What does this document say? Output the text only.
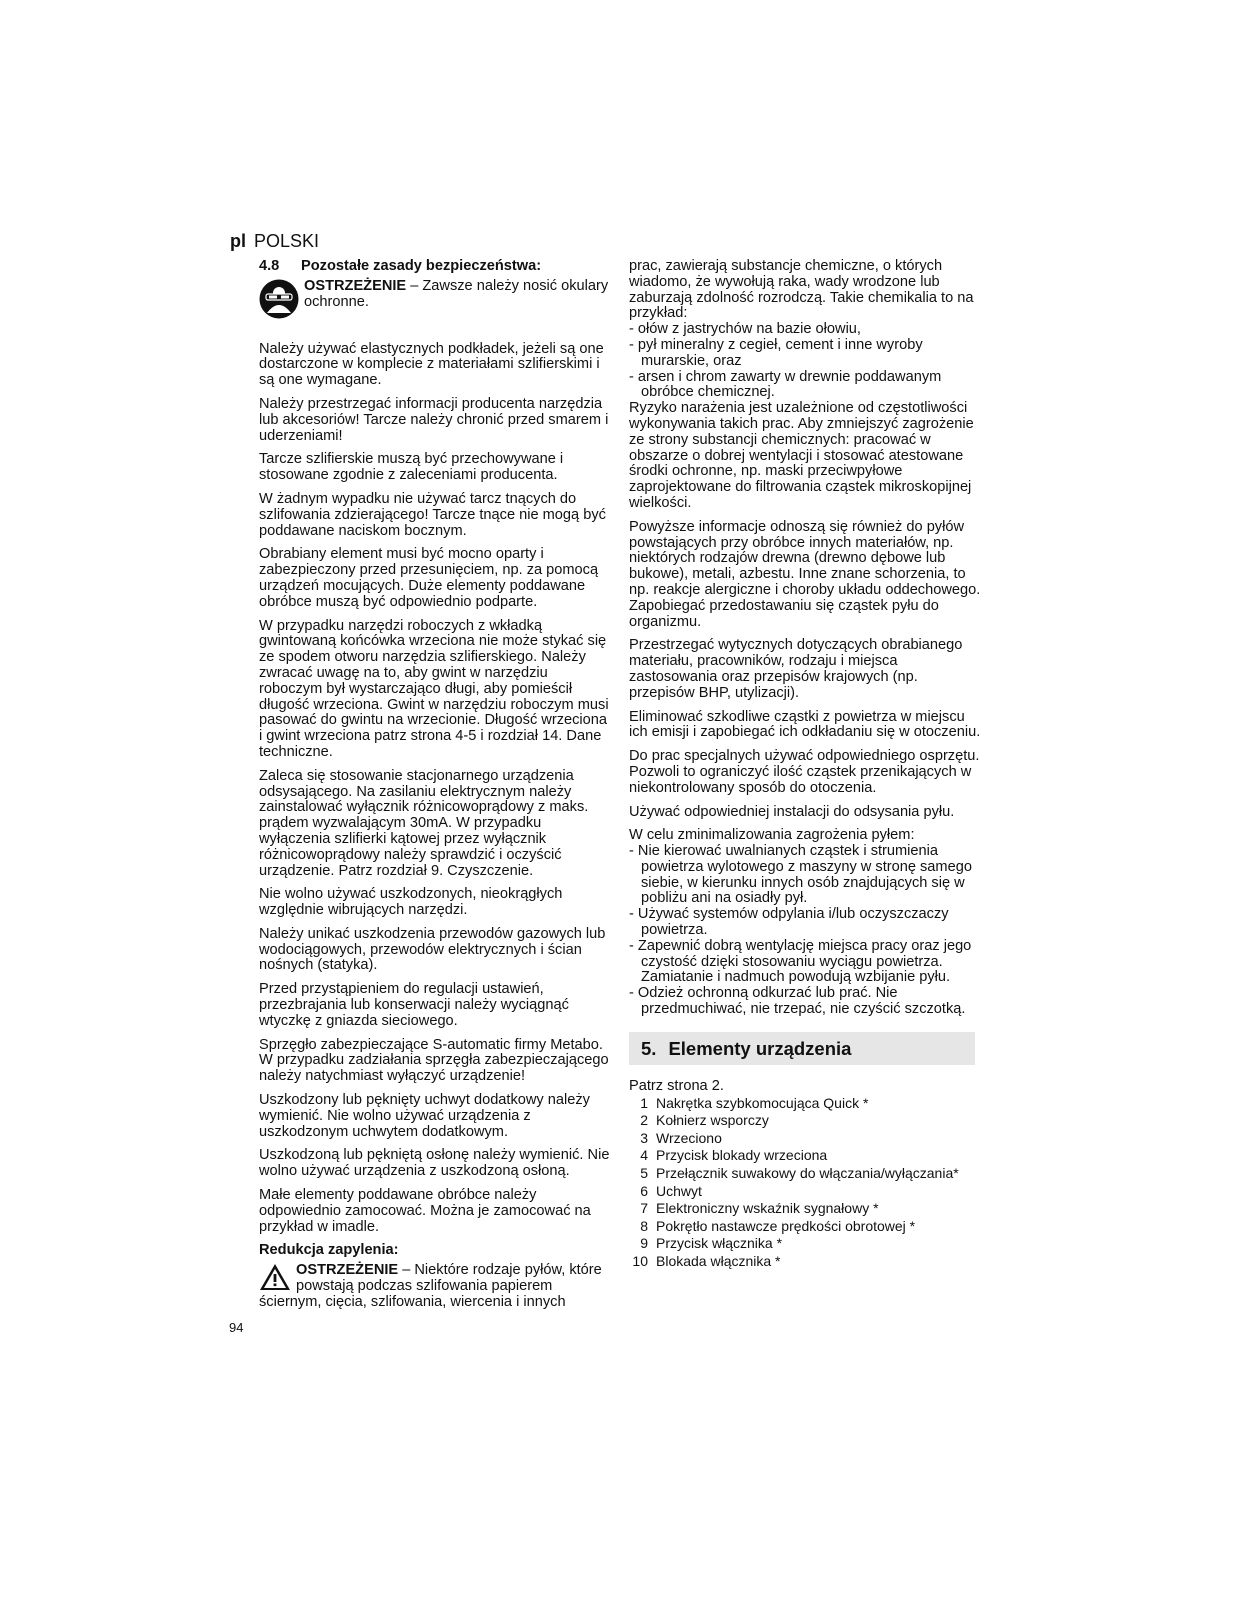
pl POLSKI
4.8 Pozostałe zasady bezpieczeństwa:
OSTRZEŻENIE – Zawsze należy nosić okulary ochronne.

Należy używać elastycznych podkładek, jeżeli są one dostarczone w komplecie z materiałami szlifierskimi i są one wymagane.

Należy przestrzegać informacji producenta narzędzia lub akcesoriów! Tarcze należy chronić przed smarem i uderzeniami!

Tarcze szlifierskie muszą być przechowywane i stosowane zgodnie z zaleceniami producenta.

W żadnym wypadku nie używać tarcz tnących do szlifowania zdzierającego! Tarcze tnące nie mogą być poddawane naciskom bocznym.

Obrabiany element musi być mocno oparty i zabezpieczony przed przesunięciem, np. za pomocą urządzeń mocujących. Duże elementy poddawane obróbce muszą być odpowiednio podparte.

W przypadku narzędzi roboczych z wkładką gwintowaną końcówka wrzeciona nie może stykać się ze spodem otworu narzędzia szlifierskiego. Należy zwracać uwagę na to, aby gwint w narzędziu roboczym był wystarczająco długi, aby pomieścił długość wrzeciona. Gwint w narzędziu roboczym musi pasować do gwintu na wrzecionie. Długość wrzeciona i gwint wrzeciona patrz strona 4-5 i rozdział 14. Dane techniczne.

Zaleca się stosowanie stacjonarnego urządzenia odsysającego. Na zasilaniu elektrycznym należy zainstalować wyłącznik różnicowoprądowy z maks. prądem wyzwalającym 30mA. W przypadku wyłączenia szlifierki kątowej przez wyłącznik różnicowoprądowy należy sprawdzić i oczyścić urządzenie. Patrz rozdział 9. Czyszczenie.

Nie wolno używać uszkodzonych, nieokrągłych względnie wibrujących narzędzi.

Należy unikać uszkodzenia przewodów gazowych lub wodociągowych, przewodów elektrycznych i ścian nośnych (statyka).

Przed przystąpieniem do regulacji ustawień, przezbrajania lub konserwacji należy wyciągnąć wtyczkę z gniazda sieciowego.

Sprzęgło zabezpieczające S-automatic firmy Metabo. W przypadku zadziałania sprzęgła zabezpieczającego należy natychmiast wyłączyć urządzenie!

Uszkodzony lub pęknięty uchwyt dodatkowy należy wymienić. Nie wolno używać urządzenia z uszkodzonym uchwytem dodatkowym.

Uszkodzoną lub pękniętą osłonę należy wymienić. Nie wolno używać urządzenia z uszkodzoną osłoną.

Małe elementy poddawane obróbce należy odpowiednio zamocować. Można je zamocować na przykład w imadle.

Redukcja zapylenia:
OSTRZEŻENIE – Niektóre rodzaje pyłów, które powstają podczas szlifowania papierem ściernym, cięcia, szlifowania, wiercenia i innych

prac, zawierają substancje chemiczne, o których wiadomo, że wywołują raka, wady wrodzone lub zaburzają zdolność rozrodczą. Takie chemikalia to na przykład:

- ołów z jastrychów na bazie ołowiu,
- pył mineralny z cegieł, cement i inne wyroby murarskie, oraz
- arsen i chrom zawarty w drewnie poddawanym obróbce chemicznej.

Ryzyko narażenia jest uzależnione od częstotliwości wykonywania takich prac. Aby zmniejszyć zagrożenie ze strony substancji chemicznych: pracować w obszarze o dobrej wentylacji i stosować atestowane środki ochronne, np. maski przeciwpyłowe zaprojektowane do filtrowania cząstek mikroskopijnej wielkości.

Powyższe informacje odnoszą się również do pyłów powstających przy obróbce innych materiałów, np. niektórych rodzajów drewna (drewno dębowe lub bukowe), metali, azbestu. Inne znane schorzenia, to np. reakcje alergiczne i choroby układu oddechowego. Zapobiegać przedostawaniu się cząstek pyłu do organizmu.

Przestrzegać wytycznych dotyczących obrabianego materiału, pracowników, rodzaju i miejsca zastosowania oraz przepisów krajowych (np. przepisów BHP, utylizacji).

Eliminować szkodliwe cząstki z powietrza w miejscu ich emisji i zapobiegać ich odkładaniu się w otoczeniu.

Do prac specjalnych używać odpowiedniego osprzętu. Pozwoli to ograniczyć ilość cząstek przenikających w niekontrolowany sposób do otoczenia.

Używać odpowiedniej instalacji do odsysania pyłu.

W celu zminimalizowania zagrożenia pyłem:

- Nie kierować uwalnianych cząstek i strumienia powietrza wylotowego z maszyny w stronę samego siebie, w kierunku innych osób znajdujących się w pobliżu ani na osiadły pył.
- Używać systemów odpylania i/lub oczyszczaczy powietrza.
- Zapewnić dobrą wentylację miejsca pracy oraz jego czystość dzięki stosowaniu wyciągu powietrza. Zamiatanie i nadmuch powodują wzbijanie pyłu.
- Odzież ochronną odkurzać lub prać. Nie przedmuchiwać, nie trzepać, nie czyścić szczotką.
5. Elementy urządzenia
Patrz strona 2.
1 Nakrętka szybkomocująca Quick *
2 Kołnierz wsporczy
3 Wrzeciono
4 Przycisk blokady wrzeciona
5 Przełącznik suwakowy do włączania/wyłączania*
6 Uchwyt
7 Elektroniczny wskaźnik sygnałowy *
8 Pokrętło nastawcze prędkości obrotowej *
9 Przycisk włącznika *
10 Blokada włącznika *
94
